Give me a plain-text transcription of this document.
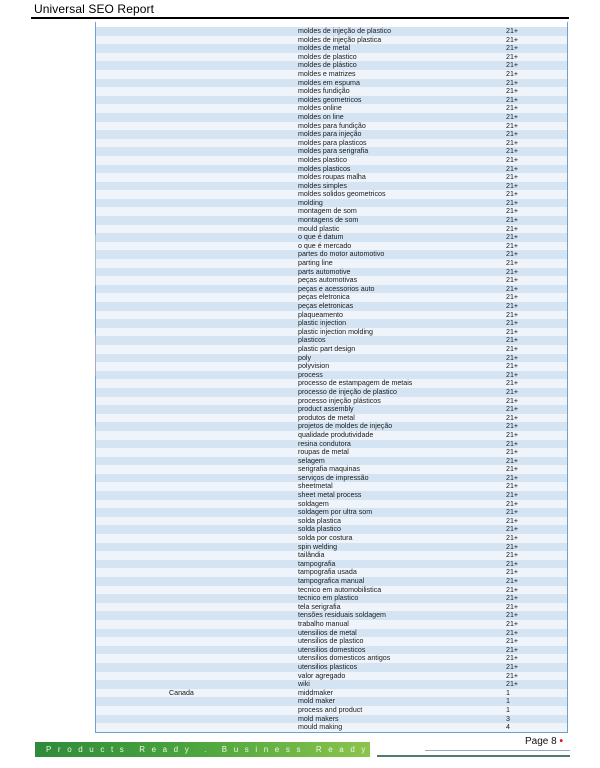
Universal SEO Report
moldes de injeção de plastico	21+
moldes de injeção plastica	21+
moldes de metal	21+
moldes de plastico	21+
moldes de plástico	21+
moldes e matrizes	21+
moldes em espuma	21+
moldes fundição	21+
moldes geometricos	21+
moldes online	21+
moldes on line	21+
moldes para fundição	21+
moldes para injeção	21+
moldes para plasticos	21+
moldes para serigrafia	21+
moldes plastico	21+
moldes plasticos	21+
moldes roupas malha	21+
moldes simples	21+
moldes solidos geometricos	21+
molding	21+
montagem de som	21+
montagens de som	21+
mould plastic	21+
o que é datum	21+
o que é mercado	21+
partes do motor automotivo	21+
parting line	21+
parts automotive	21+
peças automotivas	21+
peças e acessorios auto	21+
peças eletronica	21+
peças eletronicas	21+
plaqueamento	21+
plastic injection	21+
plastic injection molding	21+
plasticos	21+
plastic part design	21+
poly	21+
polyvision	21+
process	21+
processo de estampagem de metais	21+
processo de injeção de plastico	21+
processo injeção plásticos	21+
product assembly	21+
produtos de metal	21+
projetos de moldes de injeção	21+
qualidade produtividade	21+
resina condutora	21+
roupas de metal	21+
selagem	21+
serigrafia maquinas	21+
serviços de impressão	21+
sheetmetal	21+
sheet metal process	21+
soldagem	21+
soldagem por ultra som	21+
solda plastica	21+
solda plastico	21+
solda por costura	21+
spin welding	21+
tailândia	21+
tampografia	21+
tampografia usada	21+
tampografica manual	21+
tecnico em automobilistica	21+
tecnico em plastico	21+
tela serigrafia	21+
tensões residuais soldagem	21+
trabalho manual	21+
utensilios de metal	21+
utensilios de plastico	21+
utensilios domesticos	21+
utensilios domesticos antigos	21+
utensilios plasticos	21+
valor agregado	21+
wiki	21+
Canada	middmaker	1
mold maker	1
process and product	1
mold makers	3
mould making	4
Page 8 •
Products Ready . Business Ready
